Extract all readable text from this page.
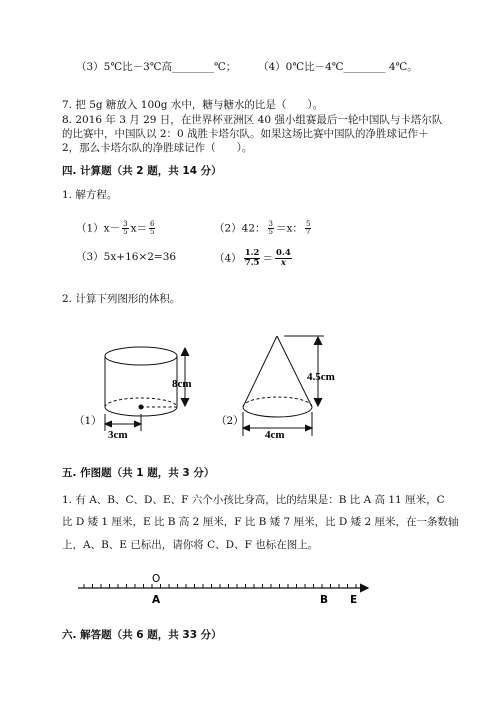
（3）5℃比－3℃高________℃； （4）0℃比－4℃________ 4℃。
7. 把 5g 糖放入 100g 水中，糖与糖水的比是（　　）。
8. 2016 年 3 月 29 日，在世界杯亚洲区 40 强小组赛最后一轮中国队与卡塔尔队
的比赛中，中国队以 2：0 战胜卡塔尔队。如果这场比赛中国队的净胜球记作＋
2，那么卡塔尔队的净胜球记作（　　）。
四. 计算题（共 2 题，共 14 分）
1. 解方程。
$(1)x- \frac{3}{5} x= \frac{6}{5}$	（2）42： $\frac{3}{5} =x$： $\frac{5}{7}$
（3）5x+16×2=36	$(4) \frac{1.2}{7.5} = \frac{0.4}{x}$
2. 计算下列图形的体积。
8cm
3cm
（1）
4.5cm
4cm
（2）
O
A	B E
五. 作图题（共 1 题，共 3 分）
1. 有 A、B、C、D、E、F 六个小孩比身高，比的结果是：B 比 A 高 11 厘米，C
比 D 矮 1 厘米，E 比 B 高 2 厘米，F 比 B 矮 7 厘米，比 D 矮 2 厘米，在一条数轴
上，A、B、E 已标出，请你将 C、D、F 也标在图上。
六. 解答题（共 6 题，共 33 分）
